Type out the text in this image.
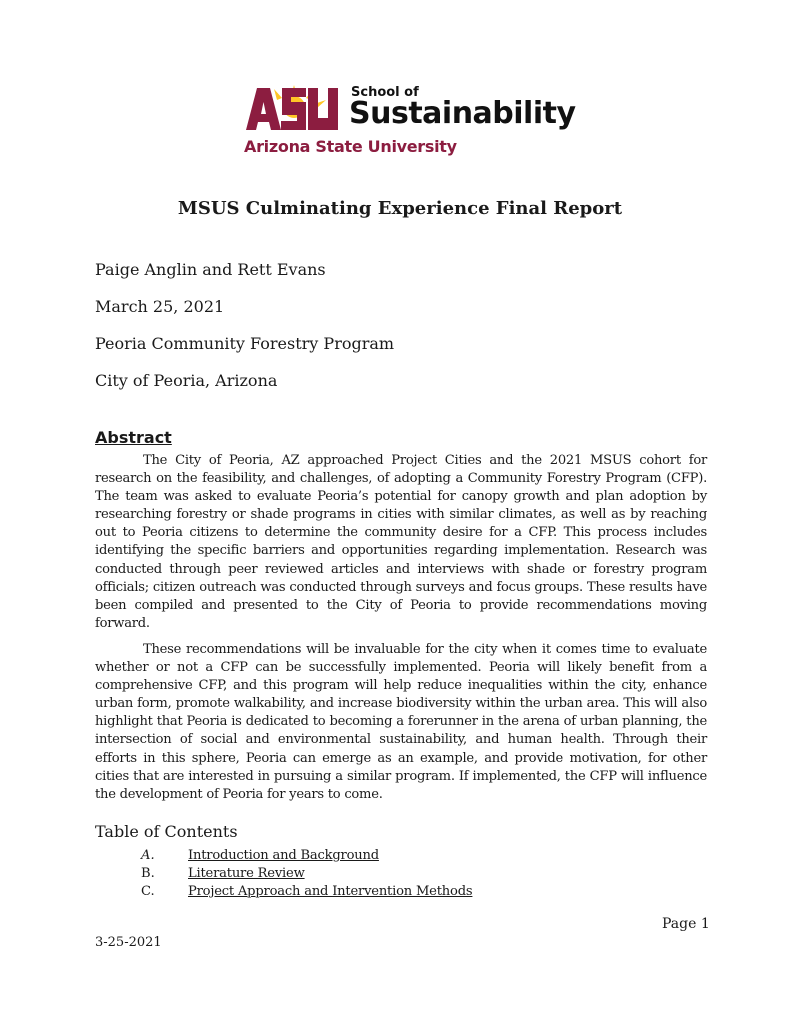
School of
Sustainability
Arizona State University
MSUS Culminating Experience Final Report
Paige Anglin and Rett Evans
March 25, 2021
Peoria Community Forestry Program
City of Peoria, Arizona
Abstract
The City of Peoria, AZ approached Project Cities and the 2021 MSUS cohort for research on the feasibility, and challenges, of adopting a Community Forestry Program (CFP). The team was asked to evaluate Peoria’s potential for canopy growth and plan adoption by researching forestry or shade programs in cities with similar climates, as well as by reaching out to Peoria citizens to determine the community desire for a CFP. This process includes identifying the specific barriers and opportunities regarding implementation. Research was conducted through peer reviewed articles and interviews with shade or forestry program officials; citizen outreach was conducted through surveys and focus groups. These results have been compiled and presented to the City of Peoria to provide recommendations moving forward.
These recommendations will be invaluable for the city when it comes time to evaluate whether or not a CFP can be successfully implemented. Peoria will likely benefit from a comprehensive CFP, and this program will help reduce inequalities within the city, enhance urban form, promote walkability, and increase biodiversity within the urban area. This will also highlight that Peoria is dedicated to becoming a forerunner in the arena of urban planning, the intersection of social and environmental sustainability, and human health. Through their efforts in this sphere, Peoria can emerge as an example, and provide motivation, for other cities that are interested in pursuing a similar program. If implemented, the CFP will influence the development of Peoria for years to come.
Table of Contents
A.	Introduction and Background
B.	Literature Review
C.	Project Approach and Intervention Methods
Page 1
3-25-2021
